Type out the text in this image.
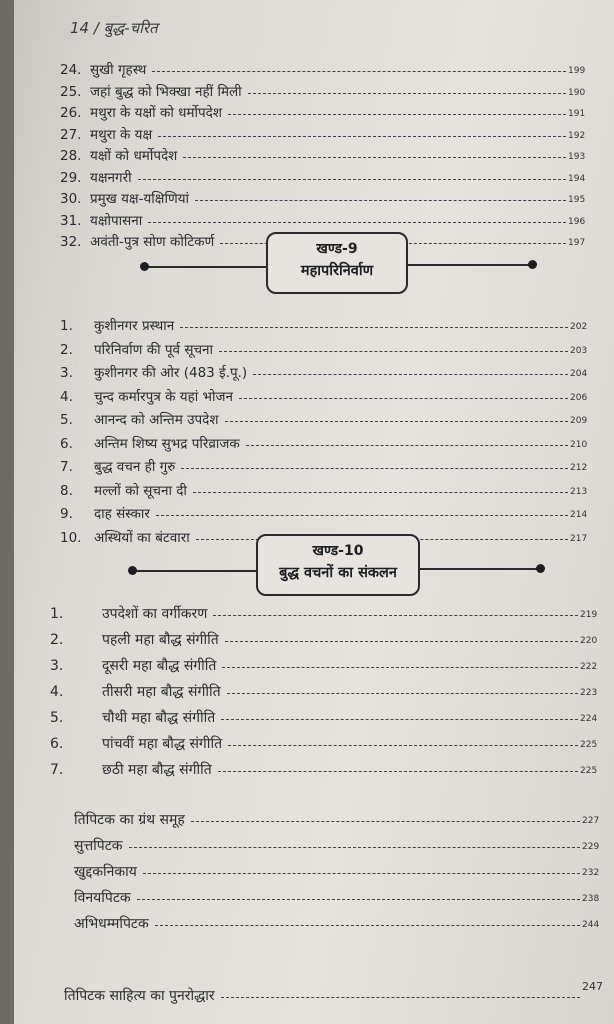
14 / बुद्ध-चरित
24. सुखी गृहस्थ	199
25. जहां बुद्ध को भिक्खा नहीं मिली	190
26. मथुरा के यक्षों को धर्मोपदेश	191
27. मथुरा के यक्ष	192
28. यक्षों को धर्मोपदेश	193
29. यक्षनगरी	194
30. प्रमुख यक्ष-यक्षिणियां	195
31. यक्षोपासना	196
32. अवंती-पुत्र सोण कोटिकर्ण	197
खण्ड-9
महापरिनिर्वाण
1. कुशीनगर प्रस्थान	202
2. परिनिर्वाण की पूर्व सूचना	203
3. कुशीनगर की ओर (483 ई.पू.)	204
4. चुन्द कर्मारपुत्र के यहां भोजन	206
5. आनन्द को अन्तिम उपदेश	209
6. अन्तिम शिष्य सुभद्र परिव्राजक	210
7. बुद्ध वचन ही गुरु	212
8. मल्लों को सूचना दी	213
9. दाह संस्कार	214
10. अस्थियों का बंटवारा	217
खण्ड-10
बुद्ध वचनों का संकलन
1.	उपदेशों का वर्गीकरण	219
2.	पहली महा बौद्ध संगीति	220
3.	दूसरी महा बौद्ध संगीति	222
4.	तीसरी महा बौद्ध संगीति	223
5.	चौथी महा बौद्ध संगीति	224
6.	पांचवीं महा बौद्ध संगीति	225
7.	छठी महा बौद्ध संगीति	225
तिपिटक का ग्रंथ समूह	227
सुत्तपिटक	229
खुद्दकनिकाय	232
विनयपिटक	238
अभिधम्मपिटक	244
तिपिटक साहित्य का पुनरोद्धार
247
